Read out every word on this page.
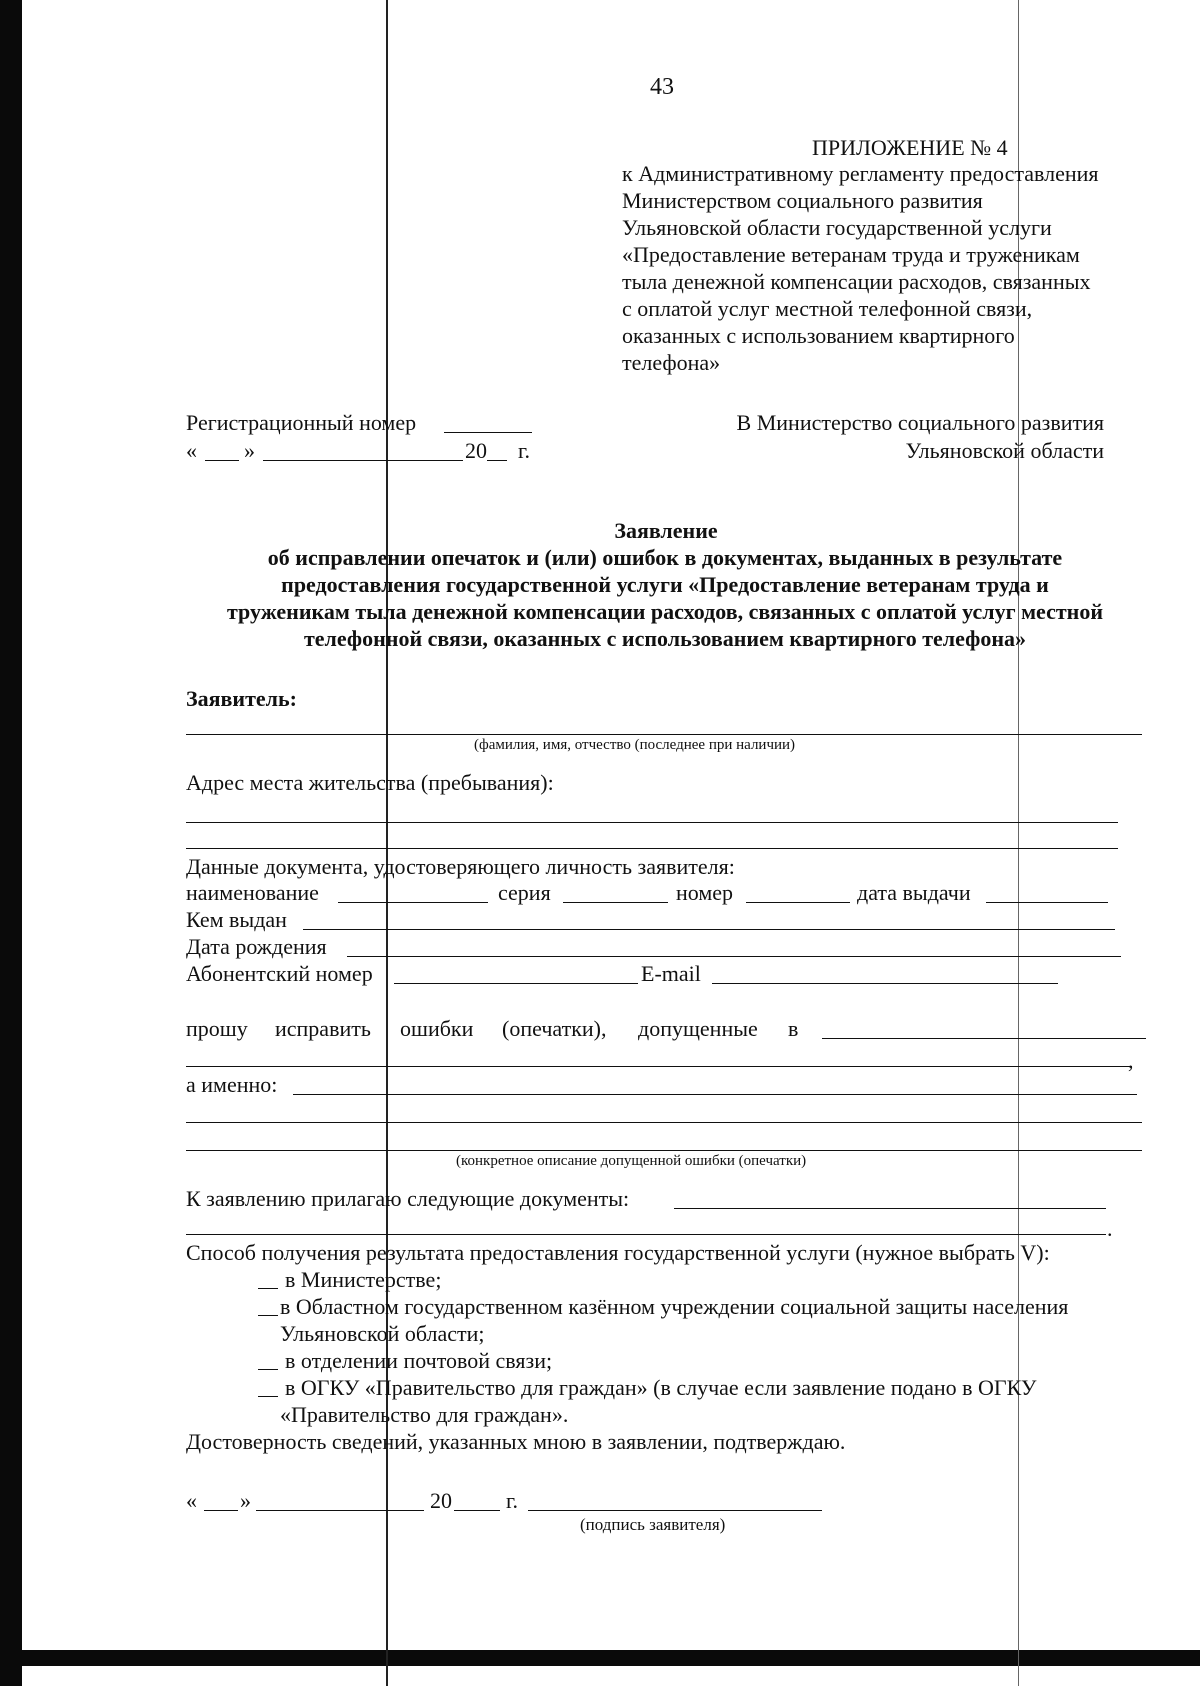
43
ПРИЛОЖЕНИЕ № 4
к Административному регламенту предоставления
Министерством социального развития
Ульяновской области государственной услуги
«Предоставление ветеранам труда и труженикам
тыла денежной компенсации расходов, связанных
с оплатой услуг местной телефонной связи,
оказанных с использованием квартирного
телефона»
Регистрационный номер
« »	20 г.
В Министерство социального развития
Ульяновской области
Заявление
об исправлении опечаток и (или) ошибок в документах, выданных в результате
предоставления государственной услуги «Предоставление ветеранам труда и
труженикам тыла денежной компенсации расходов, связанных с оплатой услуг местной
телефонной связи, оказанных с использованием квартирного телефона»
Заявитель:
(фамилия, имя, отчество (последнее при наличии)
Адрес места жительства (пребывания):
Данные документа, удостоверяющего личность заявителя:
наименование	серия	номер	дата выдачи
Кем выдан
Дата рождения
Абонентский номер	E-mail
прошу исправить ошибки (опечатки), допущенные в
,
а именно:
(конкретное описание допущенной ошибки (опечатки)
К заявлению прилагаю следующие документы:
.
Способ получения результата предоставления государственной услуги (нужное выбрать V):
в Министерстве;
в Областном государственном казённом учреждении социальной защиты населения
Ульяновской области;
в отделении почтовой связи;
в ОГКУ «Правительство для граждан» (в случае если заявление подано в ОГКУ
«Правительство для граждан».
Достоверность сведений, указанных мною в заявлении, подтверждаю.
« »	20 г.
(подпись заявителя)
